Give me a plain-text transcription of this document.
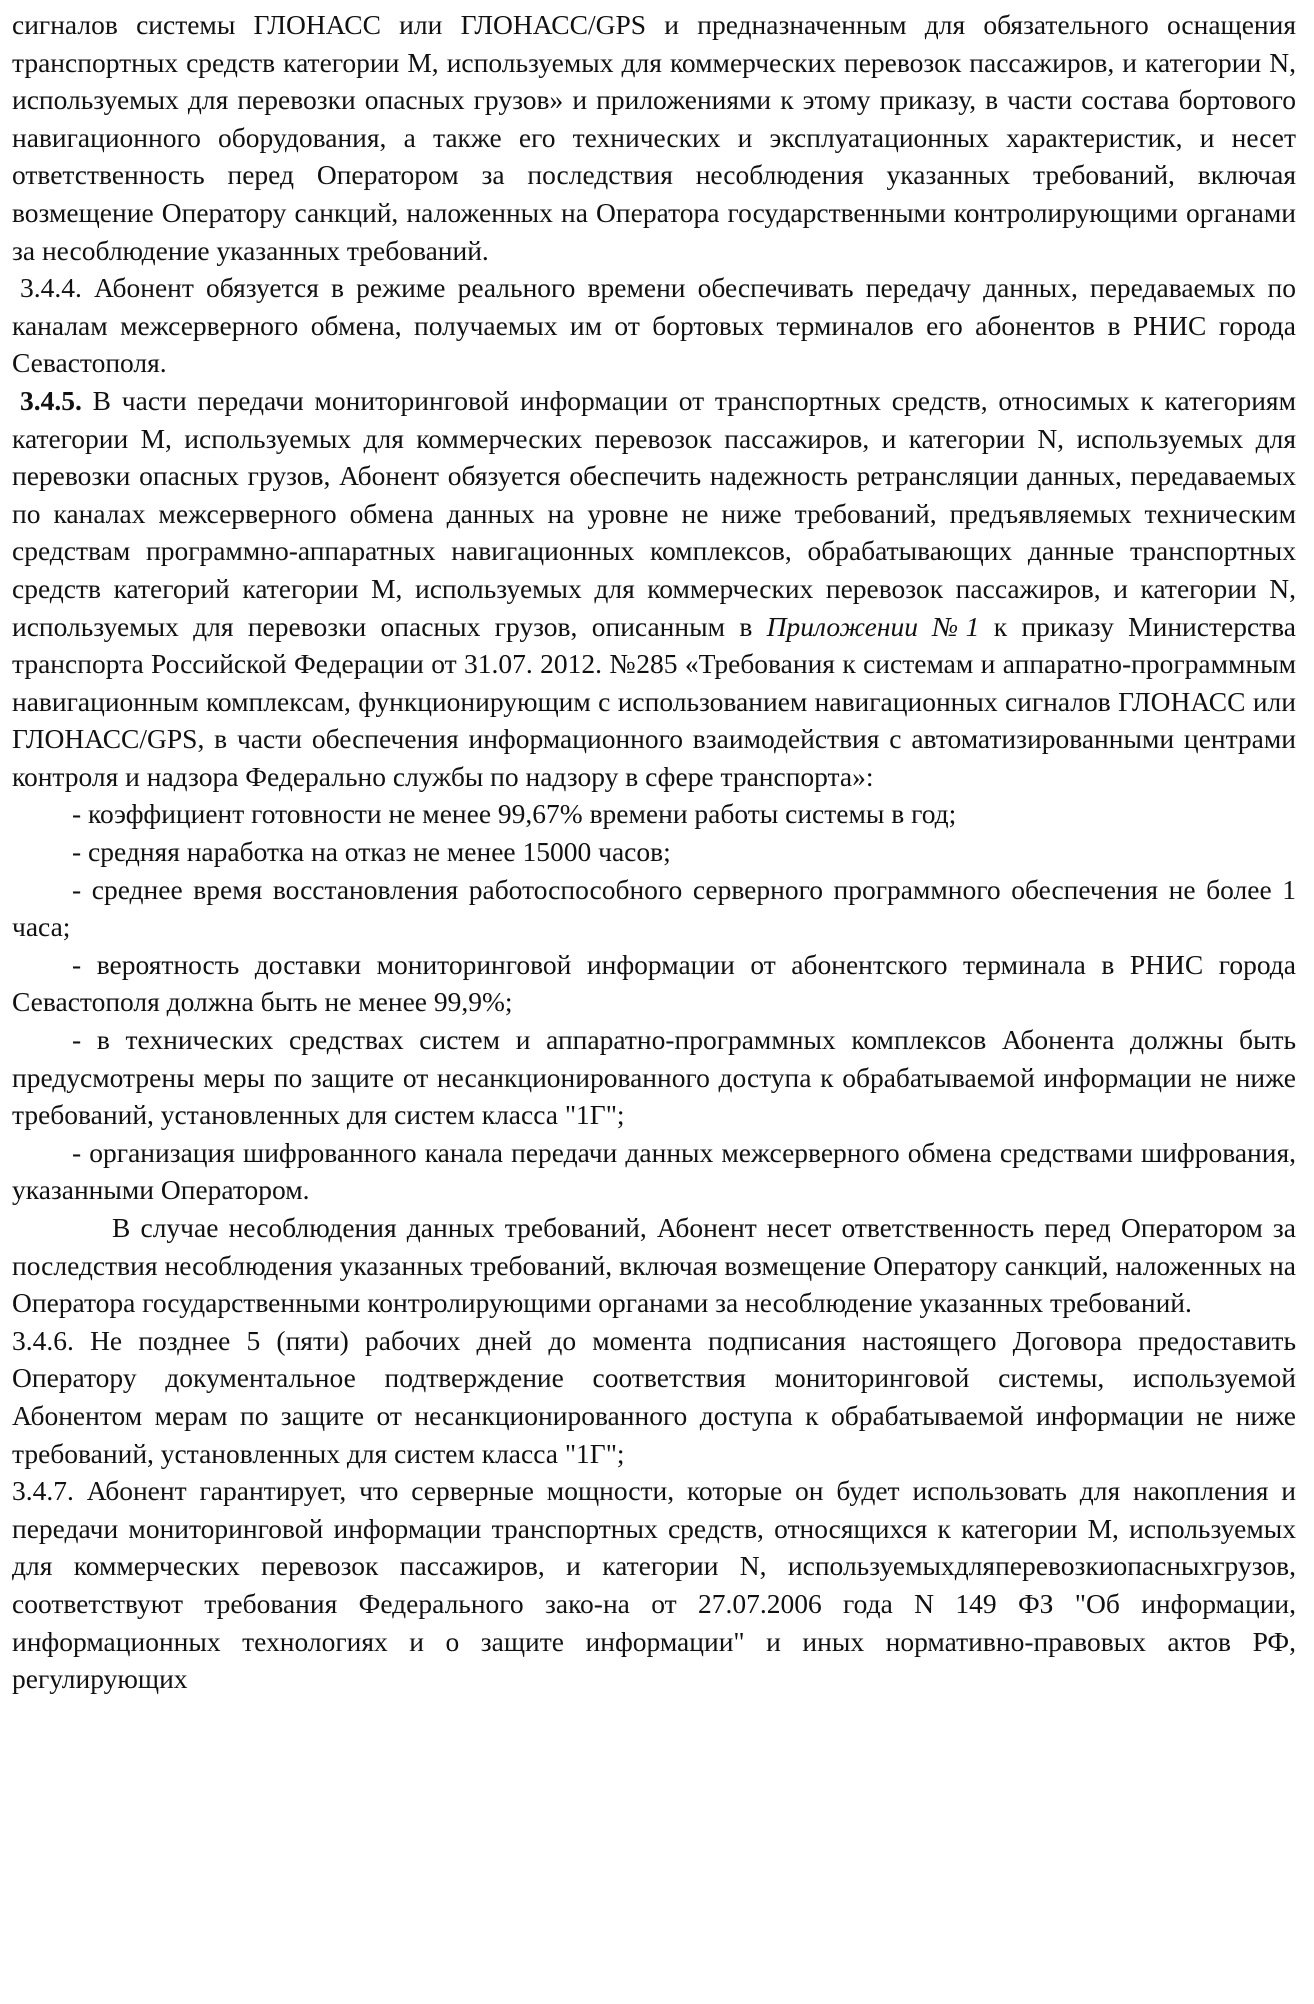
сигналов системы ГЛОНАСС или ГЛОНАСС/GPS и предназначенным для обязательного оснащения транспортных средств категории М, используемых для коммерческих перевозок пассажиров, и категории N, используемых для перевозки опасных грузов» и приложениями к этому приказу, в части состава бортового навигационного оборудования, а также его технических и эксплуатационных характеристик, и несет ответственность перед Оператором за последствия несоблюдения указанных требований, включая возмещение Оператору санкций, наложенных на Оператора государственными контролирующими органами за несоблюдение указанных требований.

3.4.4. Абонент обязуется в режиме реального времени обеспечивать передачу данных, передаваемых по каналам межсерверного обмена, получаемых им от бортовых терминалов его абонентов в РНИС города Севастополя.

3.4.5. В части передачи мониторинговой информации от транспортных средств, относимых к категориям категории М, используемых для коммерческих перевозок пассажиров, и категории N, используемых для перевозки опасных грузов, Абонент обязуется обеспечить надежность ретрансляции данных, передаваемых по каналах межсерверного обмена данных на уровне не ниже требований, предъявляемых техническим средствам программно-аппаратных навигационных комплексов, обрабатывающих данные транспортных средств категорий категории М, используемых для коммерческих перевозок пассажиров, и категории N, используемых для перевозки опасных грузов, описанным в Приложении №1 к приказу Министерства транспорта Российской Федерации от 31.07. 2012. №285 «Требования к системам и аппаратно-программным навигационным комплексам, функционирующим с использованием навигационных сигналов ГЛОНАСС или ГЛОНАСС/GPS, в части обеспечения информационного взаимодействия с автоматизированными центрами контроля и надзора Федерально службы по надзору в сфере транспорта»:

- коэффициент готовности не менее 99,67% времени работы системы в год;

- средняя наработка на отказ не менее 15000 часов;

- среднее время восстановления работоспособного серверного программного обеспечения не более 1 часа;

- вероятность доставки мониторинговой информации от абонентского терминала в РНИС города Севастополя должна быть не менее 99,9%;

- в технических средствах систем и аппаратно-программных комплексов Абонента должны быть предусмотрены меры по защите от несанкционированного доступа к обрабатываемой информации не ниже требований, установленных для систем класса "1Г";

- организация шифрованного канала передачи данных межсерверного обмена средствами шифрования, указанными Оператором.

В случае несоблюдения данных требований, Абонент несет ответственность перед Оператором за последствия несоблюдения указанных требований, включая возмещение Оператору санкций, наложенных на Оператора государственными контролирующими органами за несоблюдение указанных требований.

3.4.6. Не позднее 5 (пяти) рабочих дней до момента подписания настоящего Договора предоставить Оператору документальное подтверждение соответствия мониторинговой системы, используемой Абонентом мерам по защите от несанкционированного доступа к обрабатываемой информации не ниже требований, установленных для систем класса "1Г";

3.4.7. Абонент гарантирует, что серверные мощности, которые он будет использовать для накопления и передачи мониторинговой информации транспортных средств, относящихся к категории М, используемых для коммерческих перевозок пассажиров, и категории N, используемыхдляперевозкиопасныхгрузов, соответствуют требования Федерального зако-на от 27.07.2006 года N 149 ФЗ "Об информации, информационных технологиях и о защите информации" и иных нормативно-правовых актов РФ, регулирующих
